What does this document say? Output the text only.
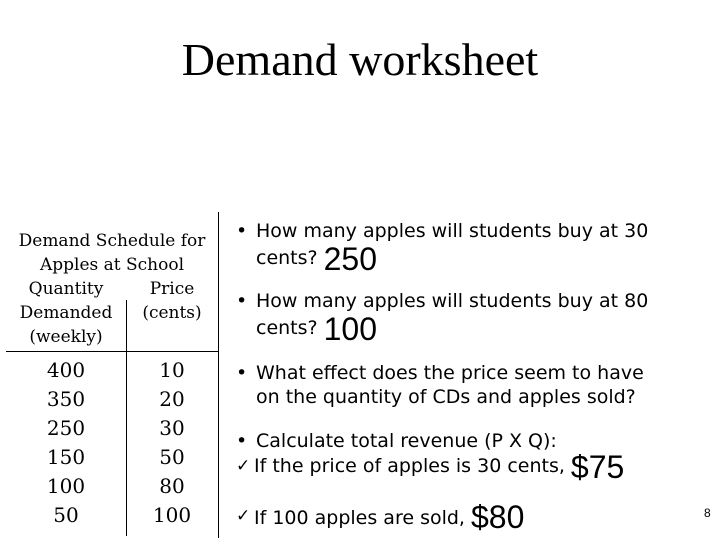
Demand worksheet
Demand Schedule for
Apples at School
Quantity
Demanded
(weekly)
Price
(cents)
400
350
250
150
100
50
10
20
30
50
80
100
• How many apples will students buy at 30
cents? 250
• How many apples will students buy at 80
cents? 100
• What effect does the price seem to have
on the quantity of CDs and apples sold?
• Calculate total revenue (P X Q):
✓ If the price of apples is 30 cents, $75
✓ If 100 apples are sold, $80	8
